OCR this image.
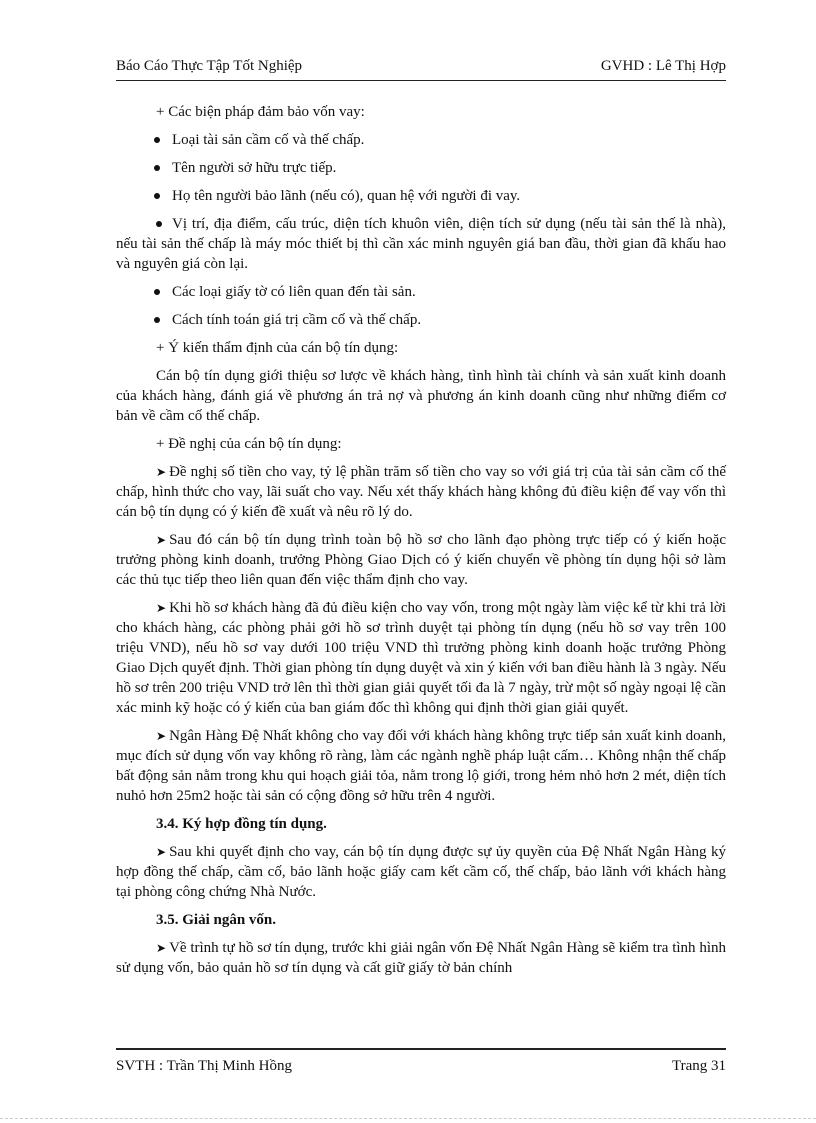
Báo Cáo Thực Tập Tốt Nghiệp	GVHD : Lê Thị Hợp

+ Các biện pháp đảm bảo vốn vay:

Loại tài sản cầm cố và thế chấp.
Tên người sở hữu trực tiếp.
Họ tên người bảo lãnh (nếu có), quan hệ với người đi vay.

Vị trí, địa điểm, cấu trúc, diện tích khuôn viên, diện tích sử dụng (nếu tài sản thế là nhà), nếu tài sản thế chấp là máy móc thiết bị thì cần xác minh nguyên giá ban đầu, thời gian đã khấu hao và nguyên giá còn lại.

Các loại giấy tờ có liên quan đến tài sản.
Cách tính toán giá trị cầm cố và thế chấp.

+ Ý kiến thẩm định của cán bộ tín dụng:

Cán bộ tín dụng giới thiệu sơ lược về khách hàng, tình hình tài chính và sản xuất kinh doanh của khách hàng, đánh giá về phương án trả nợ và phương án kinh doanh cũng như những điểm cơ bản về cầm cố thế chấp.

+ Đề nghị của cán bộ tín dụng:

➤ Đề nghị số tiền cho vay, tỷ lệ phần trăm số tiền cho vay so với giá trị của tài sản cầm cố thế chấp, hình thức cho vay, lãi suất cho vay. Nếu xét thấy khách hàng không đủ điều kiện để vay vốn thì cán bộ tín dụng có ý kiến đề xuất và nêu rõ lý do.

➤ Sau đó cán bộ tín dụng trình toàn bộ hồ sơ cho lãnh đạo phòng trực tiếp có ý kiến hoặc trưởng phòng kinh doanh, trưởng Phòng Giao Dịch có ý kiến chuyển về phòng tín dụng hội sở làm các thủ tục tiếp theo liên quan đến việc thẩm định cho vay.

➤ Khi hồ sơ khách hàng đã đủ điều kiện cho vay vốn, trong một ngày làm việc kể từ khi trả lời cho khách hàng, các phòng phải gởi hồ sơ trình duyệt tại phòng tín dụng (nếu hồ sơ vay trên 100 triệu VND), nếu hồ sơ vay dưới 100 triệu VND thì trưởng phòng kinh doanh hoặc trưởng Phòng Giao Dịch quyết định. Thời gian phòng tín dụng duyệt và xin ý kiến với ban điều hành là 3 ngày. Nếu hồ sơ trên 200 triệu VND trở lên thì thời gian giải quyết tối đa là 7 ngày, trừ một số ngày ngoại lệ cần xác minh kỹ hoặc có ý kiến của ban giám đốc thì không qui định thời gian giải quyết.

➤ Ngân Hàng Đệ Nhất không cho vay đối với khách hàng không trực tiếp sản xuất kinh doanh, mục đích sử dụng vốn vay không rõ ràng, làm các ngành nghề pháp luật cấm… Không nhận thế chấp bất động sản nằm trong khu qui hoạch giải tỏa, nằm trong lộ giới, trong hẻm nhỏ hơn 2 mét, diện tích nuhỏ hơn 25m2 hoặc tài sản có cộng đồng sở hữu trên 4 người.

3.4. Ký hợp đồng tín dụng.

➤ Sau khi quyết định cho vay, cán bộ tín dụng được sự ủy quyền của Đệ Nhất Ngân Hàng ký hợp đồng thế chấp, cầm cố, bảo lãnh hoặc giấy cam kết cầm cố, thế chấp, bảo lãnh với khách hàng tại phòng công chứng Nhà Nước.

3.5. Giải ngân vốn.

➤ Về trình tự hồ sơ tín dụng, trước khi giải ngân vốn Đệ Nhất Ngân Hàng sẽ kiểm tra tình hình sử dụng vốn, bảo quản hồ sơ tín dụng và cất giữ giấy tờ bản chính

SVTH : Trần Thị Minh Hồng	Trang 31
